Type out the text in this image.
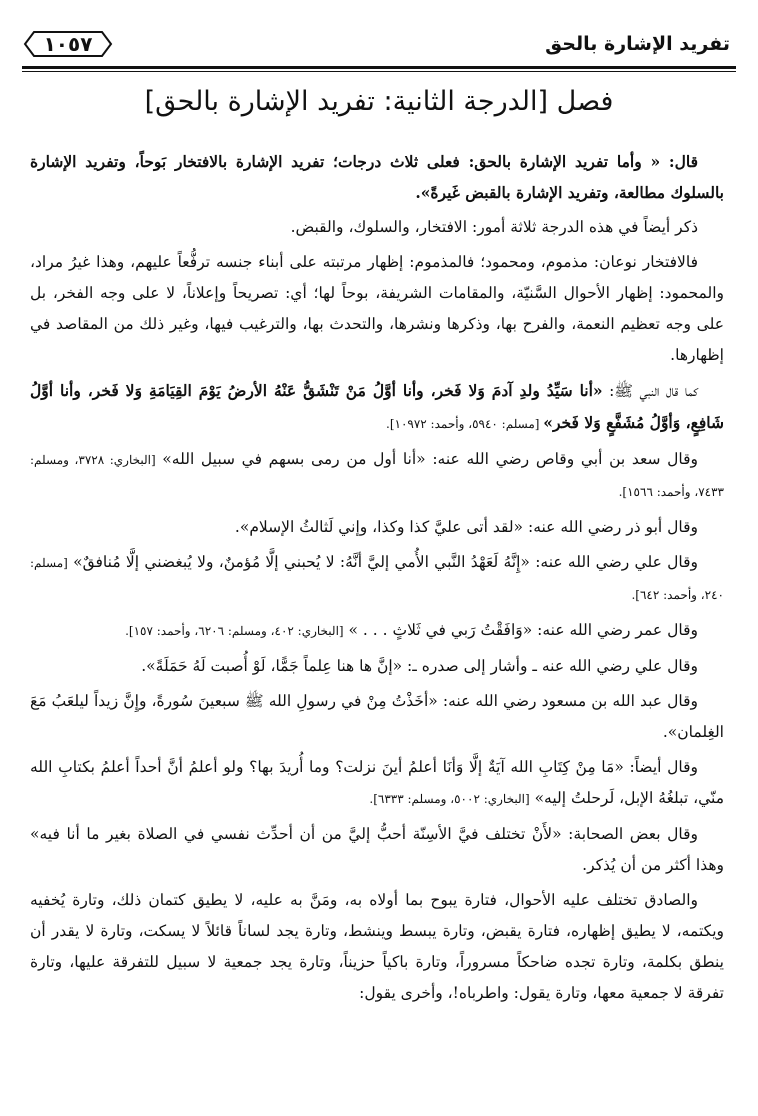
تفريد الإشارة بالحق
١٠٥٧
فصل [الدرجة الثانية: تفريد الإشارة بالحق]

قال: « وأما تفريد الإشارة بالحق: فعلى ثلاث درجات؛ تفريد الإشارة بالافتخار بَوحاً، وتفريد الإشارة بالسلوك مطالعة، وتفريد الإشارة بالقبض غَيرةً».

ذكر أيضاً في هذه الدرجة ثلاثة أمور: الافتخار، والسلوك، والقبض.

فالافتخار نوعان: مذموم، ومحمود؛ فالمذموم: إظهار مرتبته على أبناء جنسه ترفُّعاً عليهم، وهذا غيرُ مراد، والمحمود: إظهار الأحوال السَّنيّة، والمقامات الشريفة، بوحاً لها؛ أي: تصريحاً وإعلاناً، لا على وجه الفخر، بل على وجه تعظيم النعمة، والفرح بها، وذكرها ونشرها، والتحدث بها، والترغيب فيها، وغير ذلك من المقاصد في إظهارها.

كما قال النبي ﷺ: «أنا سَيِّدُ ولدِ آدمَ وَلا فَخر، وأنا أوَّلُ مَنْ تَنْشَقُّ عَنْهُ الأرضُ يَوْمَ القِيَامَةِ وَلا فَخر، وأنا أوَّلُ شَافِعٍ، وَأوَّلُ مُشَفَّعٍ وَلا فَخر» [مسلم: ٥٩٤٠، وأحمد: ١٠٩٧٢].

وقال سعد بن أبي وقاص رضي الله عنه: «أنا أول من رمى بسهم في سبيل الله» [البخاري: ٣٧٢٨، ومسلم: ٧٤٣٣، وأحمد: ١٥٦٦].

وقال أبو ذر رضي الله عنه: «لقد أتى عليَّ كذا وكذا، وإني لَثالثُ الإسلام».

وقال علي رضي الله عنه: «إِنَّهُ لَعَهْدُ النَّبي الأُمي إليَّ أنَّهُ: لا يُحبني إلَّا مُؤمنٌ، ولا يُبغضني إلَّا مُنافقٌ» [مسلم: ٢٤٠، وأحمد: ٦٤٢].

وقال عمر رضي الله عنه: «وَافَقْتُ رَبي في ثَلاثٍ . . . » [البخاري: ٤٠٢، ومسلم: ٦٢٠٦، وأحمد: ١٥٧].

وقال علي رضي الله عنه ـ وأشار إلى صدره ـ: «إنَّ ها هنا عِلماً جَمًّا، لَوْ أُصبت لَهُ حَمَلَةً».

وقال عبد الله بن مسعود رضي الله عنه: «أخَذْتُ مِنْ في رسولِ الله ﷺ سبعينَ سُورةً، وإِنَّ زيداً ليلعَبُ مَعَ الغِلمان».

وقال أيضاً: «مَا مِنْ كِتَابِ الله آيَةٌ إلَّا وَأنَا أعلمُ أينَ نزلت؟ وما أُريدَ بها؟ ولو أعلمُ أنَّ أحداً أعلمُ بكتابِ الله منّي، تبلغُهُ الإبل، لَرحلتُ إليه» [البخاري: ٥٠٠٢، ومسلم: ٦٣٣٣].

وقال بعض الصحابة: «لأَنْ تختلف فيَّ الأسِنّة أحبُّ إليَّ من أن أحدِّث نفسي في الصلاة بغير ما أنا فيه» وهذا أكثر من أن يُذكر.

والصادق تختلف عليه الأحوال، فتارة يبوح بما أولاه به، ومَنَّ به عليه، لا يطيق كتمان ذلك، وتارة يُخفيه ويكتمه، لا يطيق إظهاره، فتارة يقبض، وتارة يبسط وينشط، وتارة يجد لساناً قائلاً لا يسكت، وتارة لا يقدر أن ينطق بكلمة، وتارة تجده ضاحكاً مسروراً، وتارة باكياً حزيناً، وتارة يجد جمعية لا سبيل للتفرقة عليها، وتارة تفرقة لا جمعية معها، وتارة يقول: واطرباه!، وأخرى يقول:
